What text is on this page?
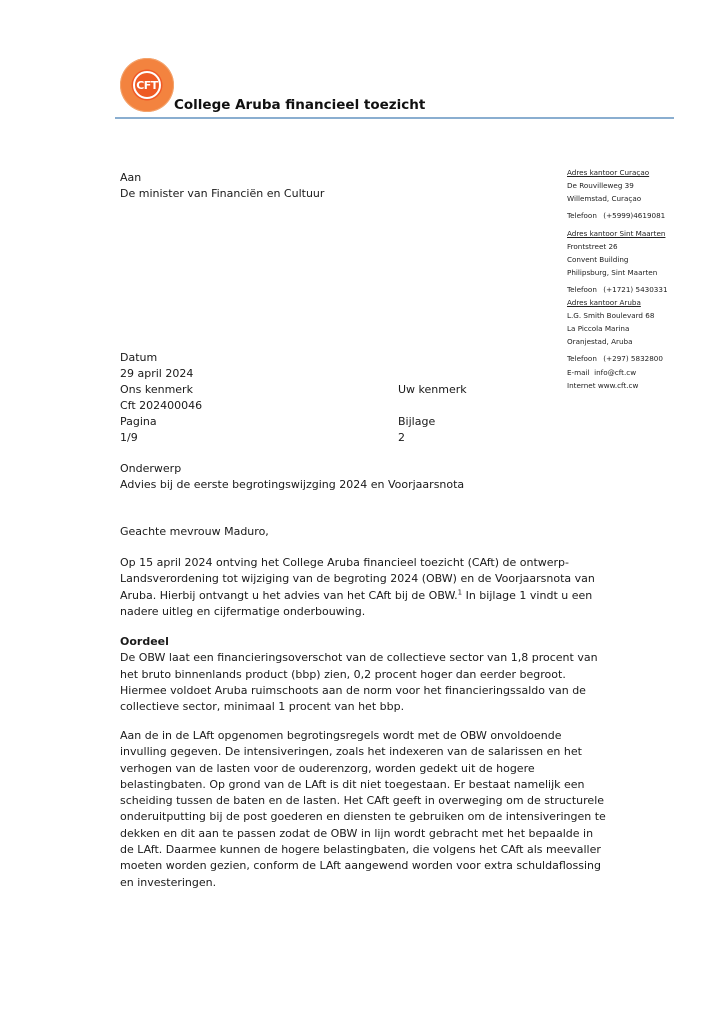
CFT
College Aruba financieel toezicht
Aan
De minister van Financiën en Cultuur
Adres kantoor Curaçao
De Rouvilleweg 39
Willemstad, Curaçao
Telefoon (+5999)4619081
Adres kantoor Sint Maarten
Frontstreet 26
Convent Building
Philipsburg, Sint Maarten
Telefoon (+1721) 5430331
Adres kantoor Aruba
L.G. Smith Boulevard 68
La Piccola Marina
Oranjestad, Aruba
Telefoon (+297) 5832800
E-mail info@cft.cw
Internet www.cft.cw
Datum
29 april 2024
Ons kenmerk	Uw kenmerk
Cft 202400046
Pagina	Bijlage
1/9	2
Onderwerp
Advies bij de eerste begrotingswijzging 2024 en Voorjaarsnota
Geachte mevrouw Maduro,

Op 15 april 2024 ontving het College Aruba financieel toezicht (CAft) de ontwerp-

Landsverordening tot wijziging van de begroting 2024 (OBW) en de Voorjaarsnota van

Aruba. Hierbij ontvangt u het advies van het CAft bij de OBW.$^1$ In bijlage 1 vindt u een

nadere uitleg en cijfermatige onderbouwing.

Oordeel

De OBW laat een financieringsoverschot van de collectieve sector van 1,8 procent van

het bruto binnenlands product (bbp) zien, 0,2 procent hoger dan eerder begroot.

Hiermee voldoet Aruba ruimschoots aan de norm voor het financieringssaldo van de

collectieve sector, minimaal 1 procent van het bbp.

Aan de in de LAft opgenomen begrotingsregels wordt met de OBW onvoldoende

invulling gegeven. De intensiveringen, zoals het indexeren van de salarissen en het

verhogen van de lasten voor de ouderenzorg, worden gedekt uit de hogere

belastingbaten. Op grond van de LAft is dit niet toegestaan. Er bestaat namelijk een

scheiding tussen de baten en de lasten. Het CAft geeft in overweging om de structurele

onderuitputting bij de post goederen en diensten te gebruiken om de intensiveringen te

dekken en dit aan te passen zodat de OBW in lijn wordt gebracht met het bepaalde in

de LAft. Daarmee kunnen de hogere belastingbaten, die volgens het CAft als meevaller

moeten worden gezien, conform de LAft aangewend worden voor extra schuldaflossing

en investeringen.
